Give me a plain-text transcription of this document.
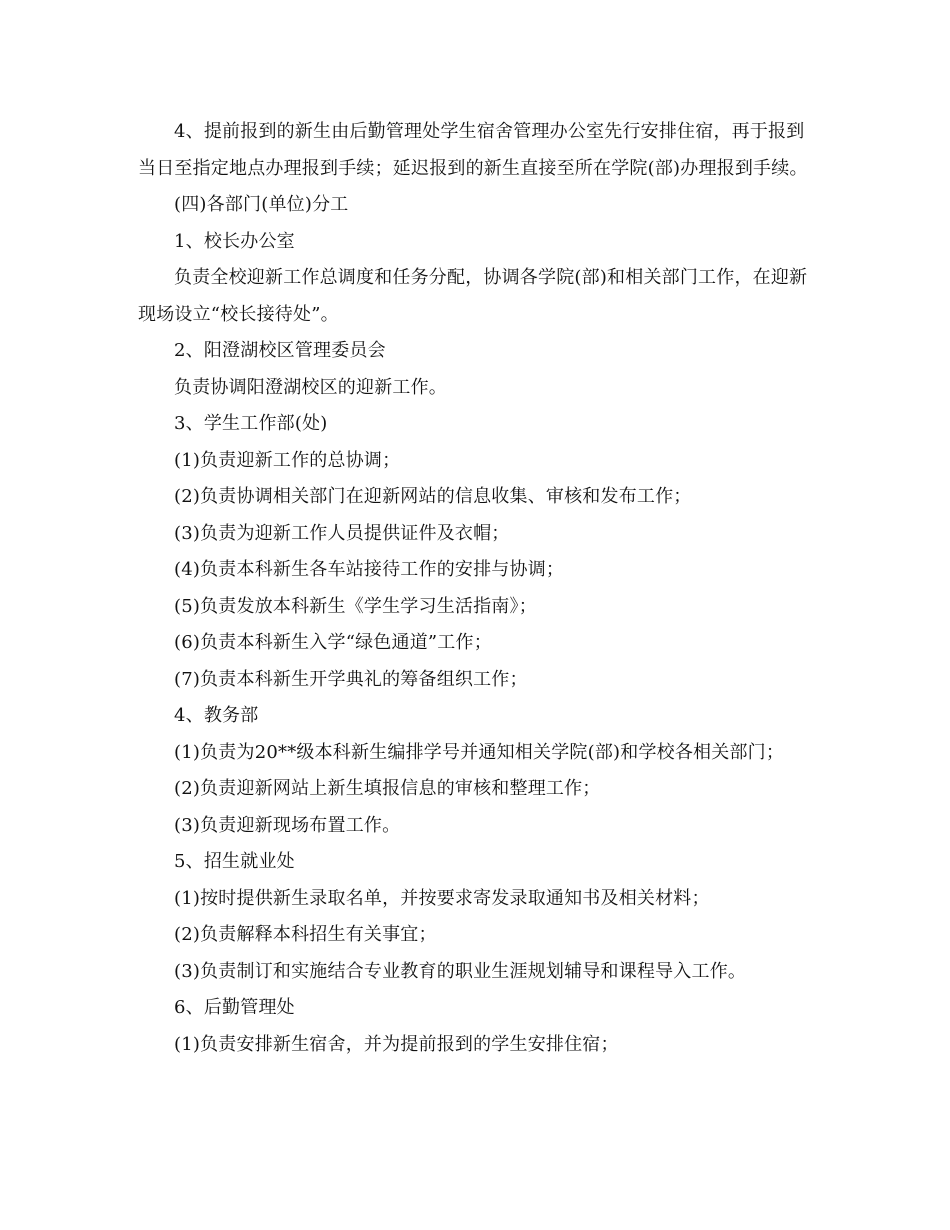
4、提前报到的新生由后勤管理处学生宿舍管理办公室先行安排住宿，再于报到当日至指定地点办理报到手续；延迟报到的新生直接至所在学院(部)办理报到手续。

(四)各部门(单位)分工

1、校长办公室

负责全校迎新工作总调度和任务分配，协调各学院(部)和相关部门工作，在迎新现场设立“校长接待处”。

2、阳澄湖校区管理委员会

负责协调阳澄湖校区的迎新工作。

3、学生工作部(处)

(1)负责迎新工作的总协调；

(2)负责协调相关部门在迎新网站的信息收集、审核和发布工作；

(3)负责为迎新工作人员提供证件及衣帽；

(4)负责本科新生各车站接待工作的安排与协调；

(5)负责发放本科新生《学生学习生活指南》；

(6)负责本科新生入学“绿色通道”工作；

(7)负责本科新生开学典礼的筹备组织工作；

4、教务部

(1)负责为20**级本科新生编排学号并通知相关学院(部)和学校各相关部门；

(2)负责迎新网站上新生填报信息的审核和整理工作；

(3)负责迎新现场布置工作。

5、招生就业处

(1)按时提供新生录取名单，并按要求寄发录取通知书及相关材料；

(2)负责解释本科招生有关事宜；

(3)负责制订和实施结合专业教育的职业生涯规划辅导和课程导入工作。

6、后勤管理处

(1)负责安排新生宿舍，并为提前报到的学生安排住宿；
